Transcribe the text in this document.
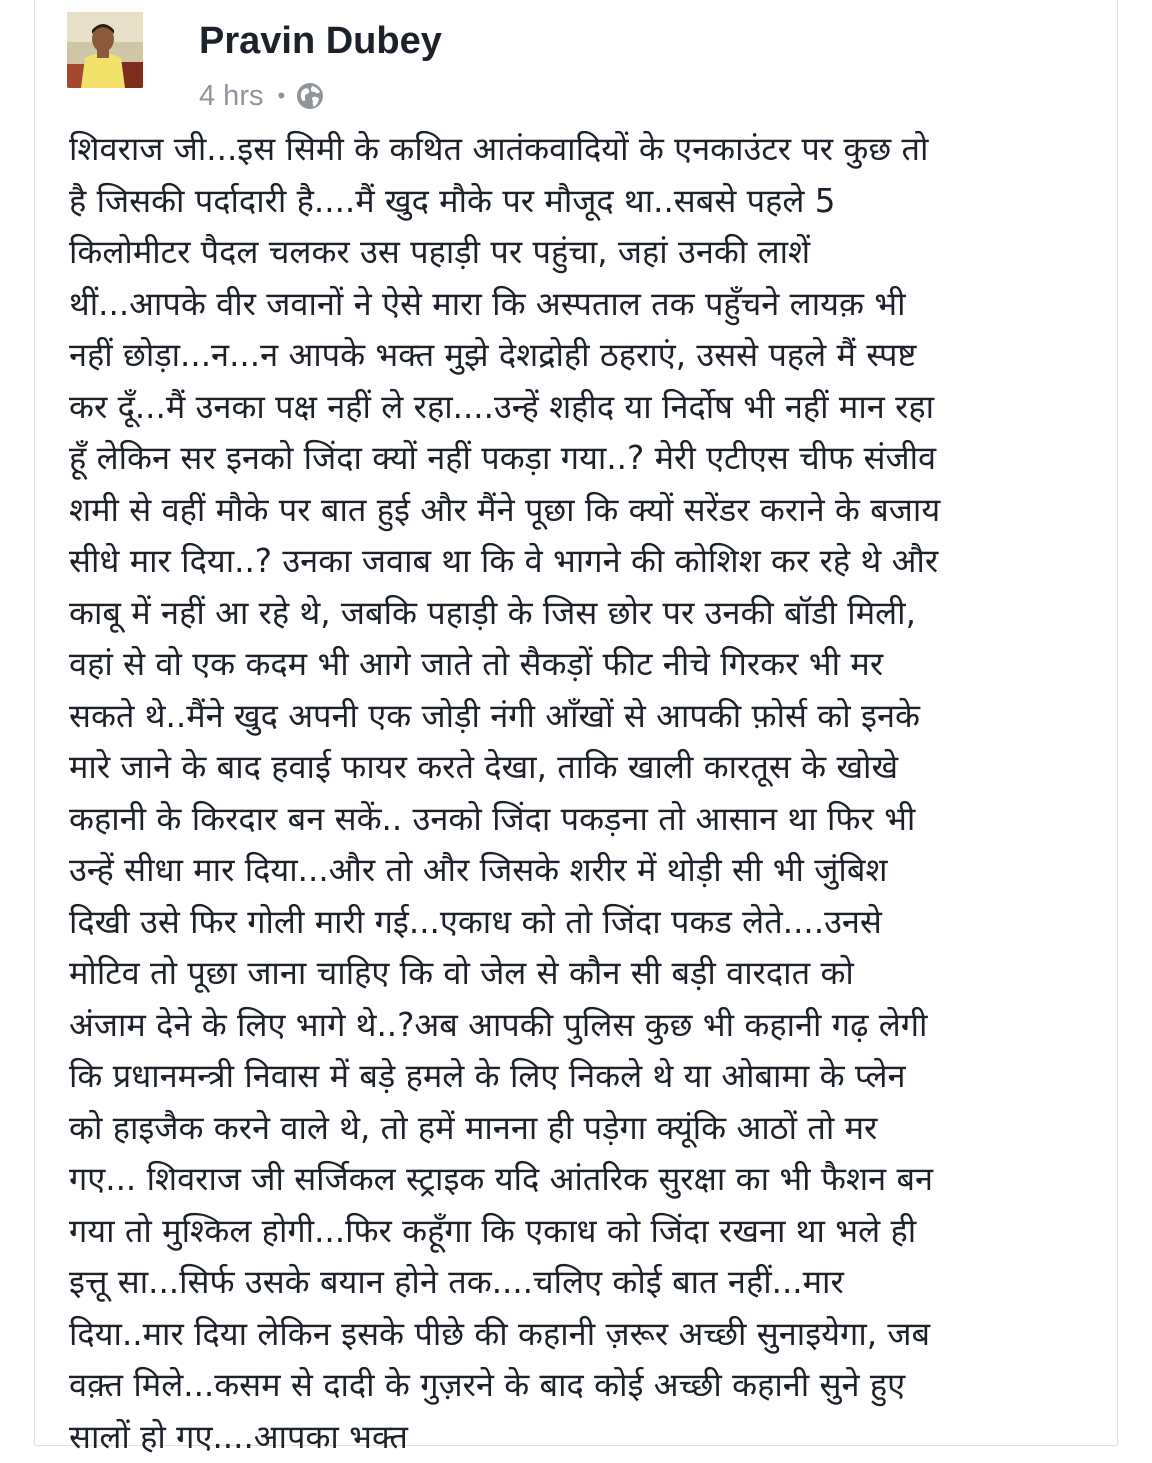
Pravin Dubey
4 hrs •
शिवराज जी...इस सिमी के कथित आतंकवादियों के एनकाउंटर पर कुछ तो
है जिसकी पर्दादारी है....मैं खुद मौके पर मौजूद था..सबसे पहले 5
किलोमीटर पैदल चलकर उस पहाड़ी पर पहुंचा, जहां उनकी लाशें
थीं...आपके वीर जवानों ने ऐसे मारा कि अस्पताल तक पहुँचने लायक़ भी
नहीं छोड़ा...न...न आपके भक्त मुझे देशद्रोही ठहराएं, उससे पहले मैं स्पष्ट
कर दूँ...मैं उनका पक्ष नहीं ले रहा....उन्हें शहीद या निर्दोष भी नहीं मान रहा
हूँ लेकिन सर इनको जिंदा क्यों नहीं पकड़ा गया..? मेरी एटीएस चीफ संजीव
शमी से वहीं मौके पर बात हुई और मैंने पूछा कि क्यों सरेंडर कराने के बजाय
सीधे मार दिया..? उनका जवाब था कि वे भागने की कोशिश कर रहे थे और
काबू में नहीं आ रहे थे, जबकि पहाड़ी के जिस छोर पर उनकी बॉडी मिली,
वहां से वो एक कदम भी आगे जाते तो सैकड़ों फीट नीचे गिरकर भी मर
सकते थे..मैंने खुद अपनी एक जोड़ी नंगी आँखों से आपकी फ़ोर्स को इनके
मारे जाने के बाद हवाई फायर करते देखा, ताकि खाली कारतूस के खोखे
कहानी के किरदार बन सकें.. उनको जिंदा पकड़ना तो आसान था फिर भी
उन्हें सीधा मार दिया...और तो और जिसके शरीर में थोड़ी सी भी जुंबिश
दिखी उसे फिर गोली मारी गई...एकाध को तो जिंदा पकड लेते....उनसे
मोटिव तो पूछा जाना चाहिए कि वो जेल से कौन सी बड़ी वारदात को
अंजाम देने के लिए भागे थे..?अब आपकी पुलिस कुछ भी कहानी गढ़ लेगी
कि प्रधानमन्त्री निवास में बड़े हमले के लिए निकले थे या ओबामा के प्लेन
को हाइजैक करने वाले थे, तो हमें मानना ही पड़ेगा क्यूंकि आठों तो मर
गए... शिवराज जी सर्जिकल स्ट्राइक यदि आंतरिक सुरक्षा का भी फैशन बन
गया तो मुश्किल होगी...फिर कहूँगा कि एकाध को जिंदा रखना था भले ही
इत्तू सा...सिर्फ उसके बयान होने तक....चलिए कोई बात नहीं...मार
दिया..मार दिया लेकिन इसके पीछे की कहानी ज़रूर अच्छी सुनाइयेगा, जब
वक़्त मिले...कसम से दादी के गुज़रने के बाद कोई अच्छी कहानी सुने हुए
सालों हो गए....आपका भक्त
